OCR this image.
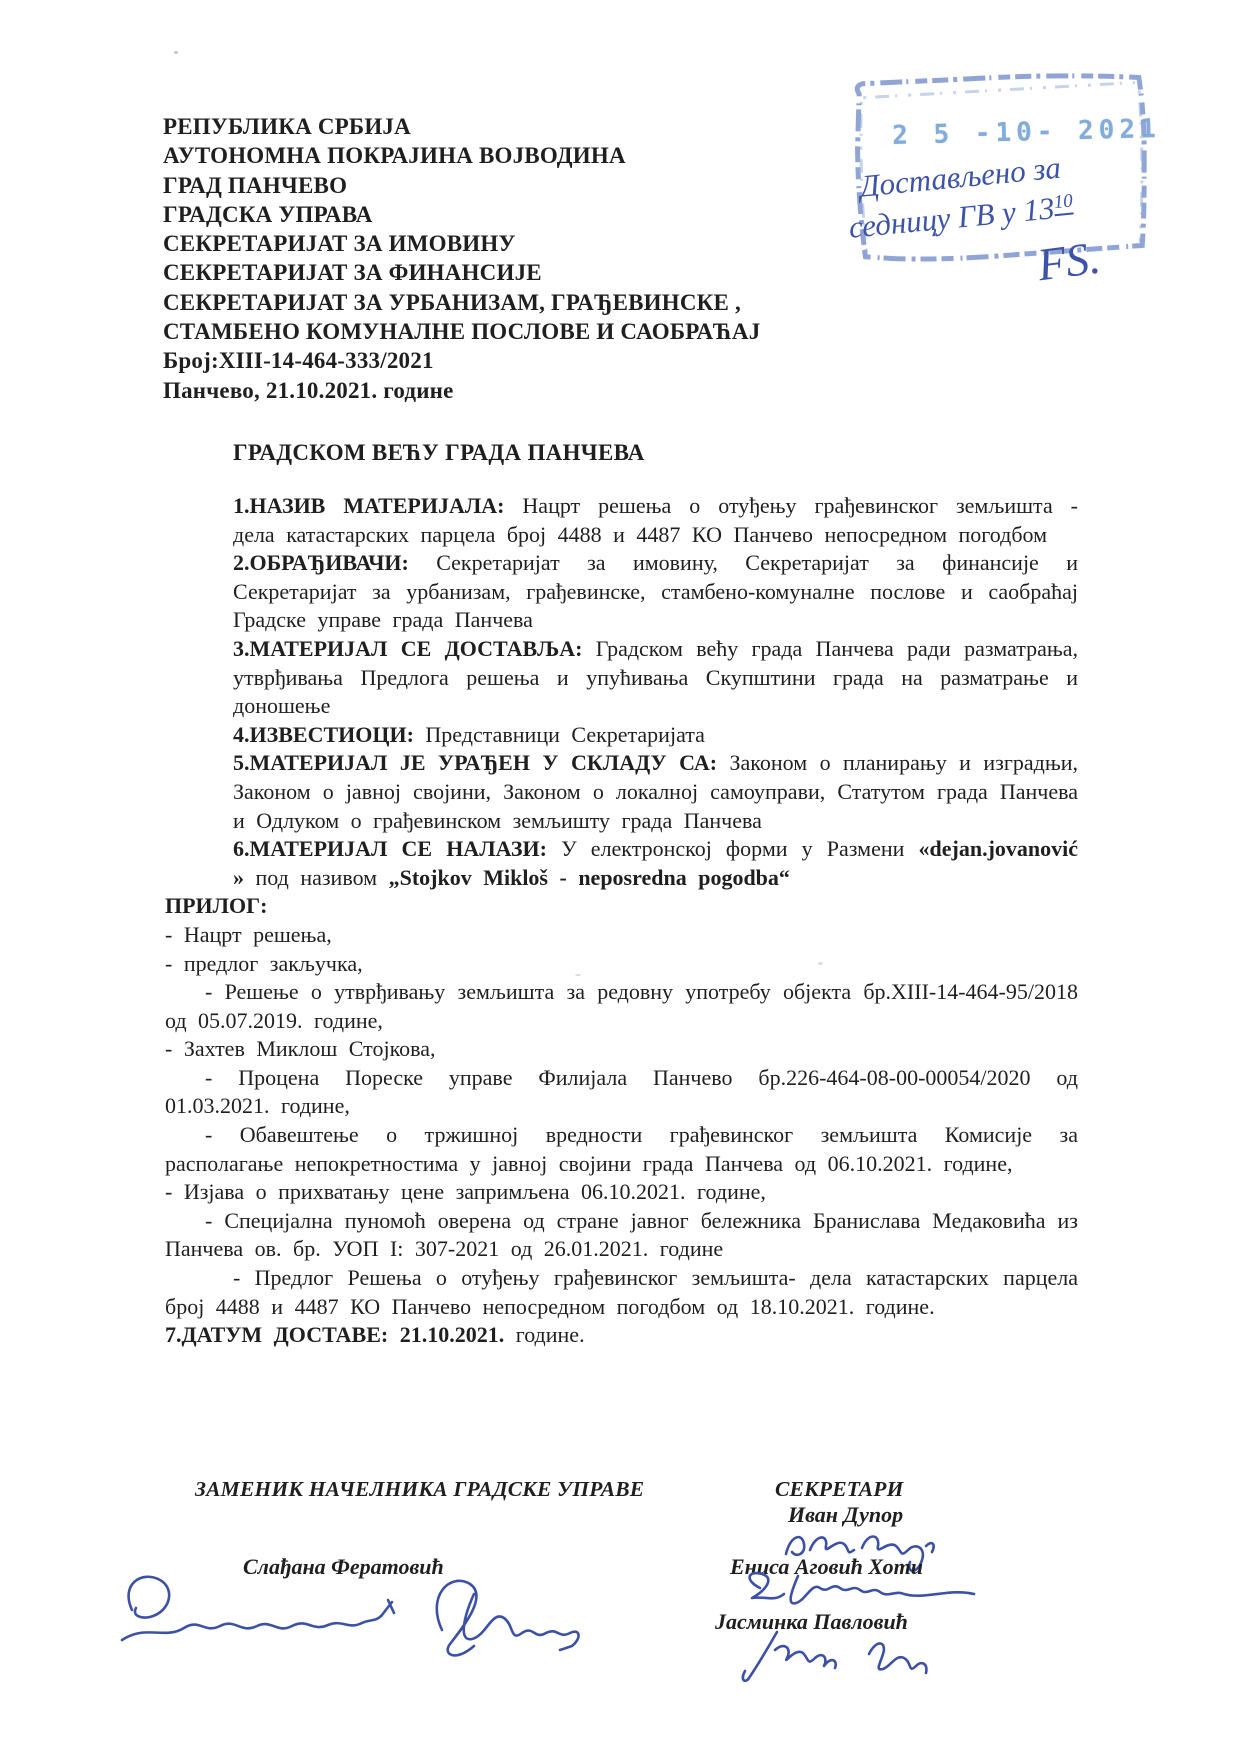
РЕПУБЛИКА СРБИЈА
АУТОНОМНА ПОКРАЈИНА ВОЈВОДИНА
ГРАД ПАНЧЕВО
ГРАДСКА УПРАВА
СЕКРЕТАРИЈАТ ЗА ИМОВИНУ
СЕКРЕТАРИЈАТ ЗА ФИНАНСИЈЕ
СЕКРЕТАРИЈАТ ЗА УРБАНИЗАМ, ГРАЂЕВИНСКЕ ,
СТАМБЕНО КОМУНАЛНЕ ПОСЛОВЕ И САОБРАЋАЈ
Број:XIII-14-464-333/2021
Панчево, 21.10.2021. године
2 5 -10- 2021
Достављено за
седницу ГВ у $13^{10}$
FS.
ГРАДСКОМ ВЕЋУ ГРАДА ПАНЧЕВА

1.НАЗИВ МАТЕРИЈАЛА: Нацрт решења о отуђењу грађевинског земљишта - дела катастарских парцела број 4488 и 4487 КО Панчево непосредном погодбом

2.ОБРАЂИВАЧИ: Секретаријат за имовину, Секретаријат за финансије и Секретаријат за урбанизам, грађевинске, стамбено-комуналне послове и саобраћај Градске управе града Панчева

3.МАТЕРИЈАЛ СЕ ДОСТАВЉА: Градском већу града Панчева ради разматрања, утврђивања Предлога решења и упућивања Скупштини града на разматрање и доношење

4.ИЗВЕСТИОЦИ: Представници Секретаријата

5.МАТЕРИЈАЛ ЈЕ УРАЂЕН У СКЛАДУ СА: Законом о планирању и изградњи, Законом о јавној својини, Законом о локалној самоуправи, Статутом града Панчева и Одлуком о грађевинском земљишту града Панчева

6.МАТЕРИЈАЛ СЕ НАЛАЗИ: У електронској форми у Размени «dejan.jovanović » под називом „Stojkov Mikloš - neposredna pogodba“

ПРИЛОГ:

- Нацрт решења,

- предлог закључка,

- Решење о утврђивању земљишта за редовну употребу објекта бр.XIII-14-464-95/2018 од 05.07.2019. године,

- Захтев Миклош Стојкова,

- Процена Пореске управе Филијала Панчево бр.226-464-08-00-00054/2020 од 01.03.2021. године,

- Обавештење о тржишној вредности грађевинског земљишта Комисије за располагање непокретностима у јавној својини града Панчева од 06.10.2021. године,

- Изјава о прихватању цене запримљена 06.10.2021. године,

- Специјална пуномоћ оверена од стране јавног бележника Бранислава Медаковића из Панчева ов. бр. УОП I: 307-2021 од 26.01.2021. године

- Предлог Решења о отуђењу грађевинског земљишта- дела катастарских парцела број 4488 и 4487 КО Панчево непосредном погодбом од 18.10.2021. године.

7.ДАТУМ ДОСТАВЕ: 21.10.2021. године.

ЗАМЕНИК НАЧЕЛНИКА ГРАДСКЕ УПРАВЕ	СЕКРЕТАРИ
Иван Дупор
Ениса Аговић Хоти
Јасминка Павловић
Слађана Фератовић
